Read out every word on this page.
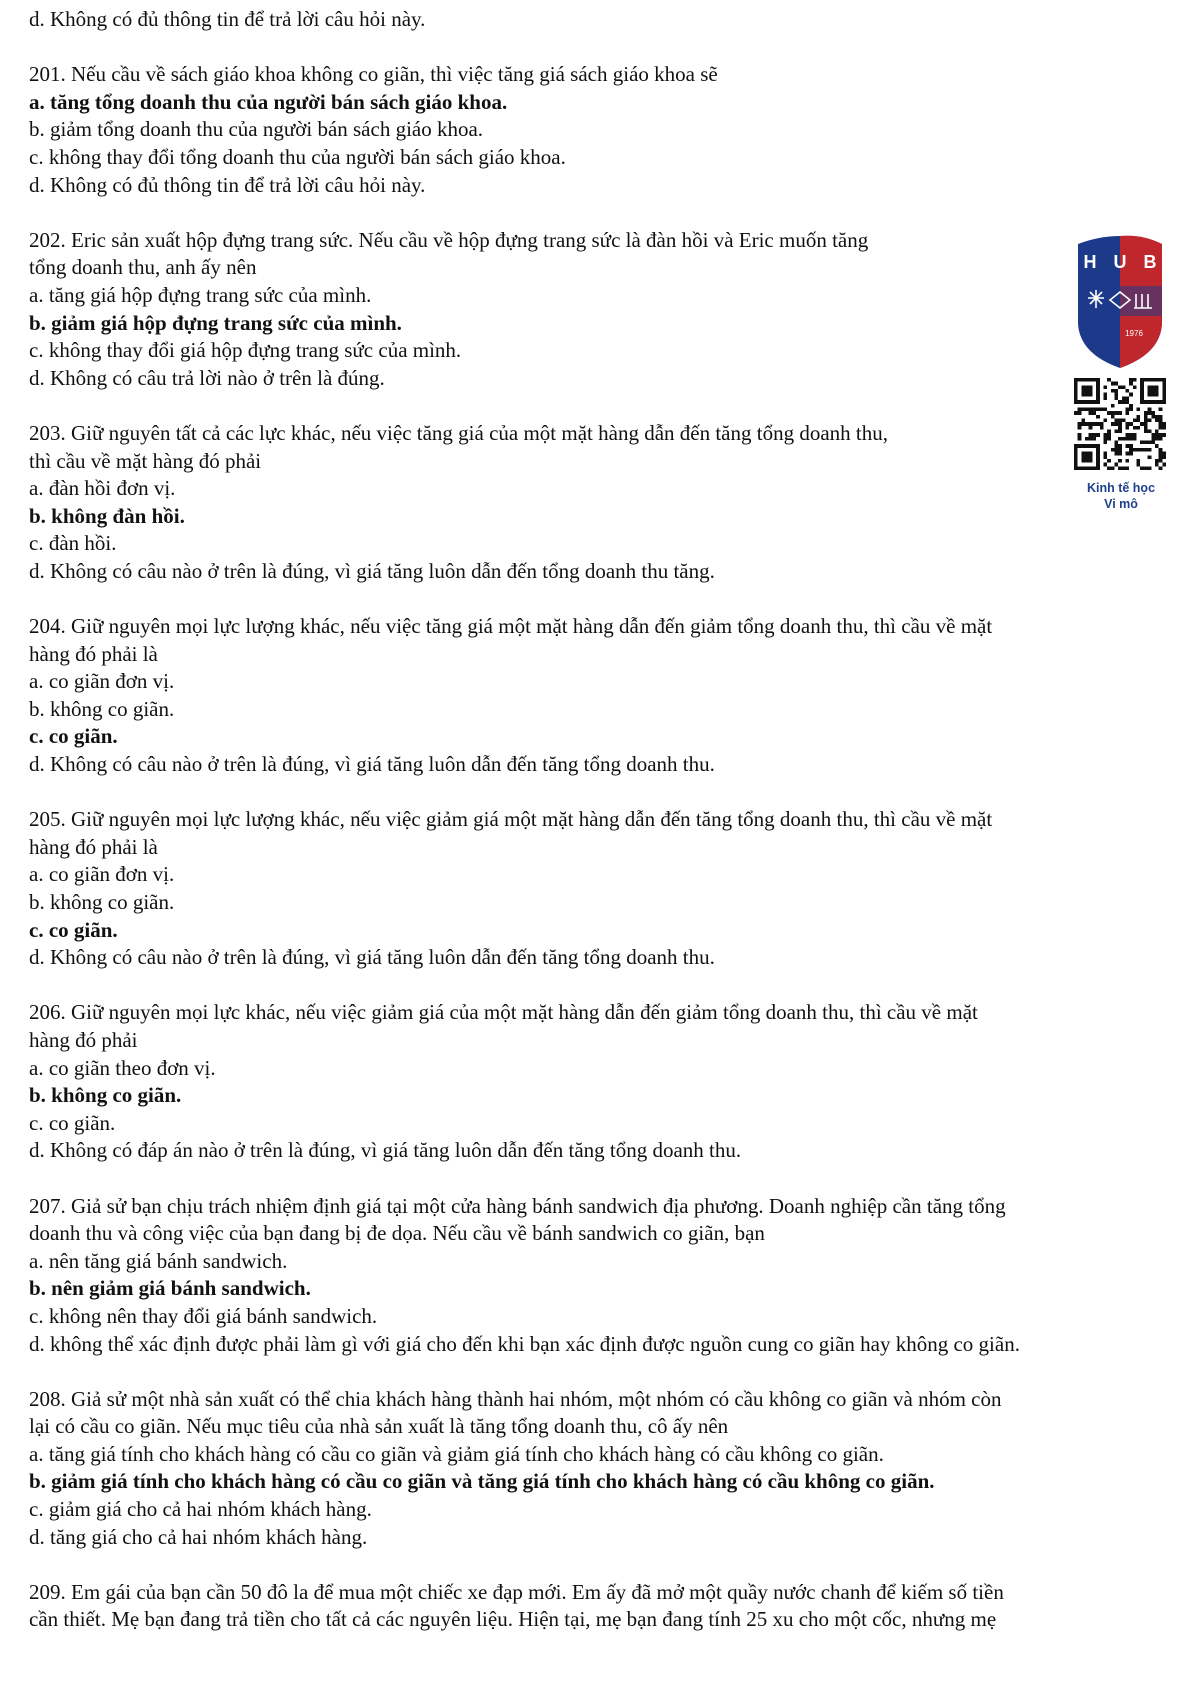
d. Không có đủ thông tin để trả lời câu hỏi này.

201. Nếu cầu về sách giáo khoa không co giãn, thì việc tăng giá sách giáo khoa sẽ

a. tăng tổng doanh thu của người bán sách giáo khoa.

b. giảm tổng doanh thu của người bán sách giáo khoa.

c. không thay đổi tổng doanh thu của người bán sách giáo khoa.

d. Không có đủ thông tin để trả lời câu hỏi này.

202. Eric sản xuất hộp đựng trang sức. Nếu cầu về hộp đựng trang sức là đàn hồi và Eric muốn tăng

tổng doanh thu, anh ấy nên

a. tăng giá hộp đựng trang sức của mình.

b. giảm giá hộp đựng trang sức của mình.

c. không thay đổi giá hộp đựng trang sức của mình.

d. Không có câu trả lời nào ở trên là đúng.

203. Giữ nguyên tất cả các lực khác, nếu việc tăng giá của một mặt hàng dẫn đến tăng tổng doanh thu,

thì cầu về mặt hàng đó phải

a. đàn hồi đơn vị.

b. không đàn hồi.

c. đàn hồi.

d. Không có câu nào ở trên là đúng, vì giá tăng luôn dẫn đến tổng doanh thu tăng.

204. Giữ nguyên mọi lực lượng khác, nếu việc tăng giá một mặt hàng dẫn đến giảm tổng doanh thu, thì cầu về mặt

hàng đó phải là

a. co giãn đơn vị.

b. không co giãn.

c. co giãn.

d. Không có câu nào ở trên là đúng, vì giá tăng luôn dẫn đến tăng tổng doanh thu.

205. Giữ nguyên mọi lực lượng khác, nếu việc giảm giá một mặt hàng dẫn đến tăng tổng doanh thu, thì cầu về mặt

hàng đó phải là

a. co giãn đơn vị.

b. không co giãn.

c. co giãn.

d. Không có câu nào ở trên là đúng, vì giá tăng luôn dẫn đến tăng tổng doanh thu.

206. Giữ nguyên mọi lực khác, nếu việc giảm giá của một mặt hàng dẫn đến giảm tổng doanh thu, thì cầu về mặt

hàng đó phải

a. co giãn theo đơn vị.

b. không co giãn.

c. co giãn.

d. Không có đáp án nào ở trên là đúng, vì giá tăng luôn dẫn đến tăng tổng doanh thu.

207. Giả sử bạn chịu trách nhiệm định giá tại một cửa hàng bánh sandwich địa phương. Doanh nghiệp cần tăng tổng

doanh thu và công việc của bạn đang bị đe dọa. Nếu cầu về bánh sandwich co giãn, bạn

a. nên tăng giá bánh sandwich.

b. nên giảm giá bánh sandwich.

c. không nên thay đổi giá bánh sandwich.

d. không thể xác định được phải làm gì với giá cho đến khi bạn xác định được nguồn cung co giãn hay không co giãn.

208. Giả sử một nhà sản xuất có thể chia khách hàng thành hai nhóm, một nhóm có cầu không co giãn và nhóm còn

lại có cầu co giãn. Nếu mục tiêu của nhà sản xuất là tăng tổng doanh thu, cô ấy nên

a. tăng giá tính cho khách hàng có cầu co giãn và giảm giá tính cho khách hàng có cầu không co giãn.

b. giảm giá tính cho khách hàng có cầu co giãn và tăng giá tính cho khách hàng có cầu không co giãn.

c. giảm giá cho cả hai nhóm khách hàng.

d. tăng giá cho cả hai nhóm khách hàng.

209. Em gái của bạn cần 50 đô la để mua một chiếc xe đạp mới. Em ấy đã mở một quầy nước chanh để kiếm số tiền

cần thiết. Mẹ bạn đang trả tiền cho tất cả các nguyên liệu. Hiện tại, mẹ bạn đang tính 25 xu cho một cốc, nhưng mẹ

H U B
1976
Kinh tế học
Vi mô
